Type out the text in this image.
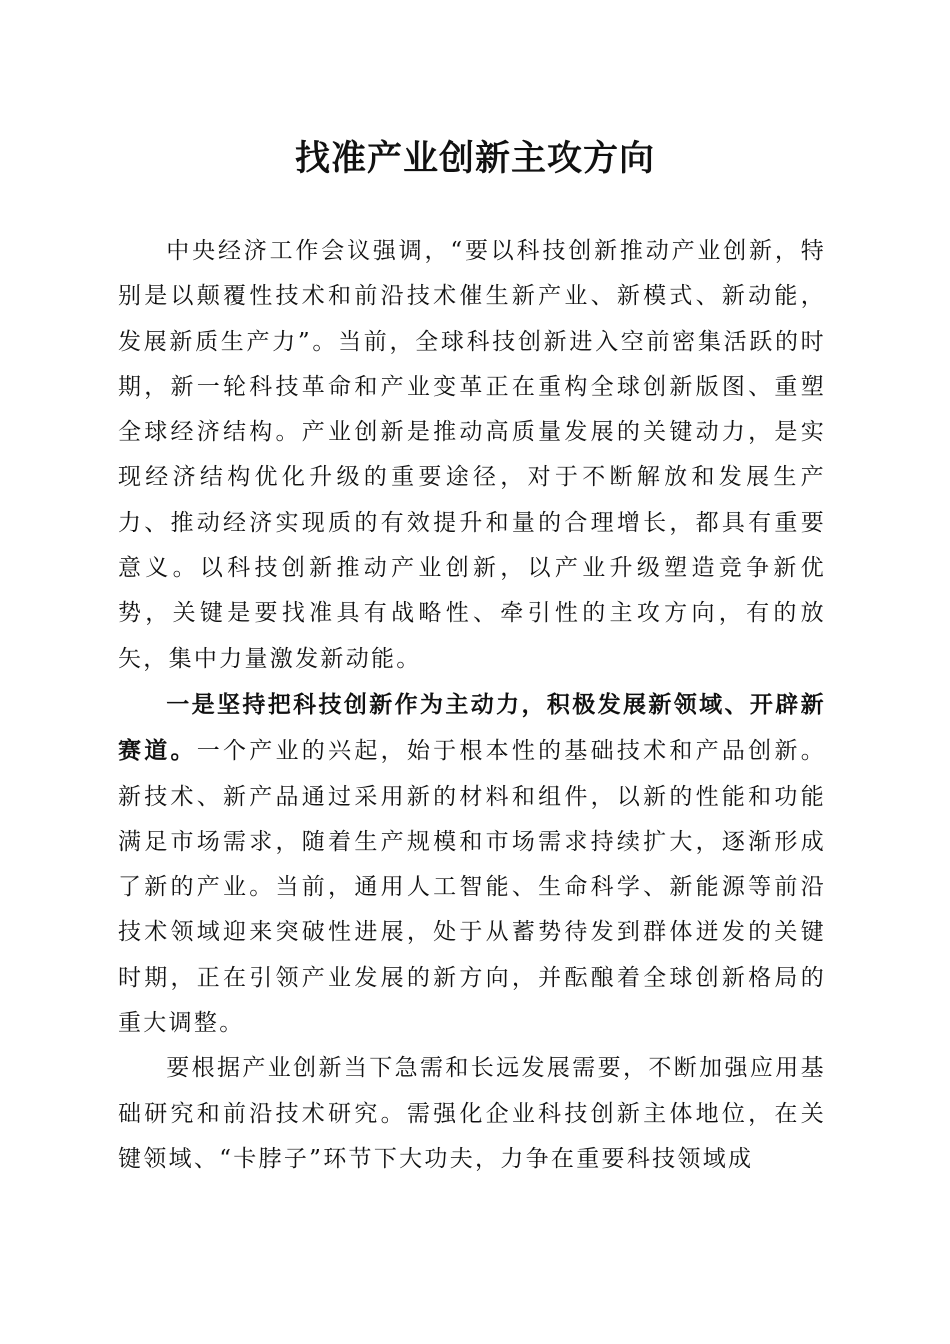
找准产业创新主攻方向

中央经济工作会议强调，“要以科技创新推动产业创新，特别是以颠覆性技术和前沿技术催生新产业、新模式、新动能，发展新质生产力”。当前，全球科技创新进入空前密集活跃的时期，新一轮科技革命和产业变革正在重构全球创新版图、重塑全球经济结构。产业创新是推动高质量发展的关键动力，是实现经济结构优化升级的重要途径，对于不断解放和发展生产力、推动经济实现质的有效提升和量的合理增长，都具有重要意义。以科技创新推动产业创新，以产业升级塑造竞争新优势，关键是要找准具有战略性、牵引性的主攻方向，有的放矢，集中力量激发新动能。

一是坚持把科技创新作为主动力，积极发展新领域、开辟新赛道。一个产业的兴起，始于根本性的基础技术和产品创新。新技术、新产品通过采用新的材料和组件，以新的性能和功能满足市场需求，随着生产规模和市场需求持续扩大，逐渐形成了新的产业。当前，通用人工智能、生命科学、新能源等前沿技术领域迎来突破性进展，处于从蓄势待发到群体迸发的关键时期，正在引领产业发展的新方向，并酝酿着全球创新格局的重大调整。

要根据产业创新当下急需和长远发展需要，不断加强应用基础研究和前沿技术研究。需强化企业科技创新主体地位，在关键领域、“卡脖子”环节下大功夫，力争在重要科技领域成
